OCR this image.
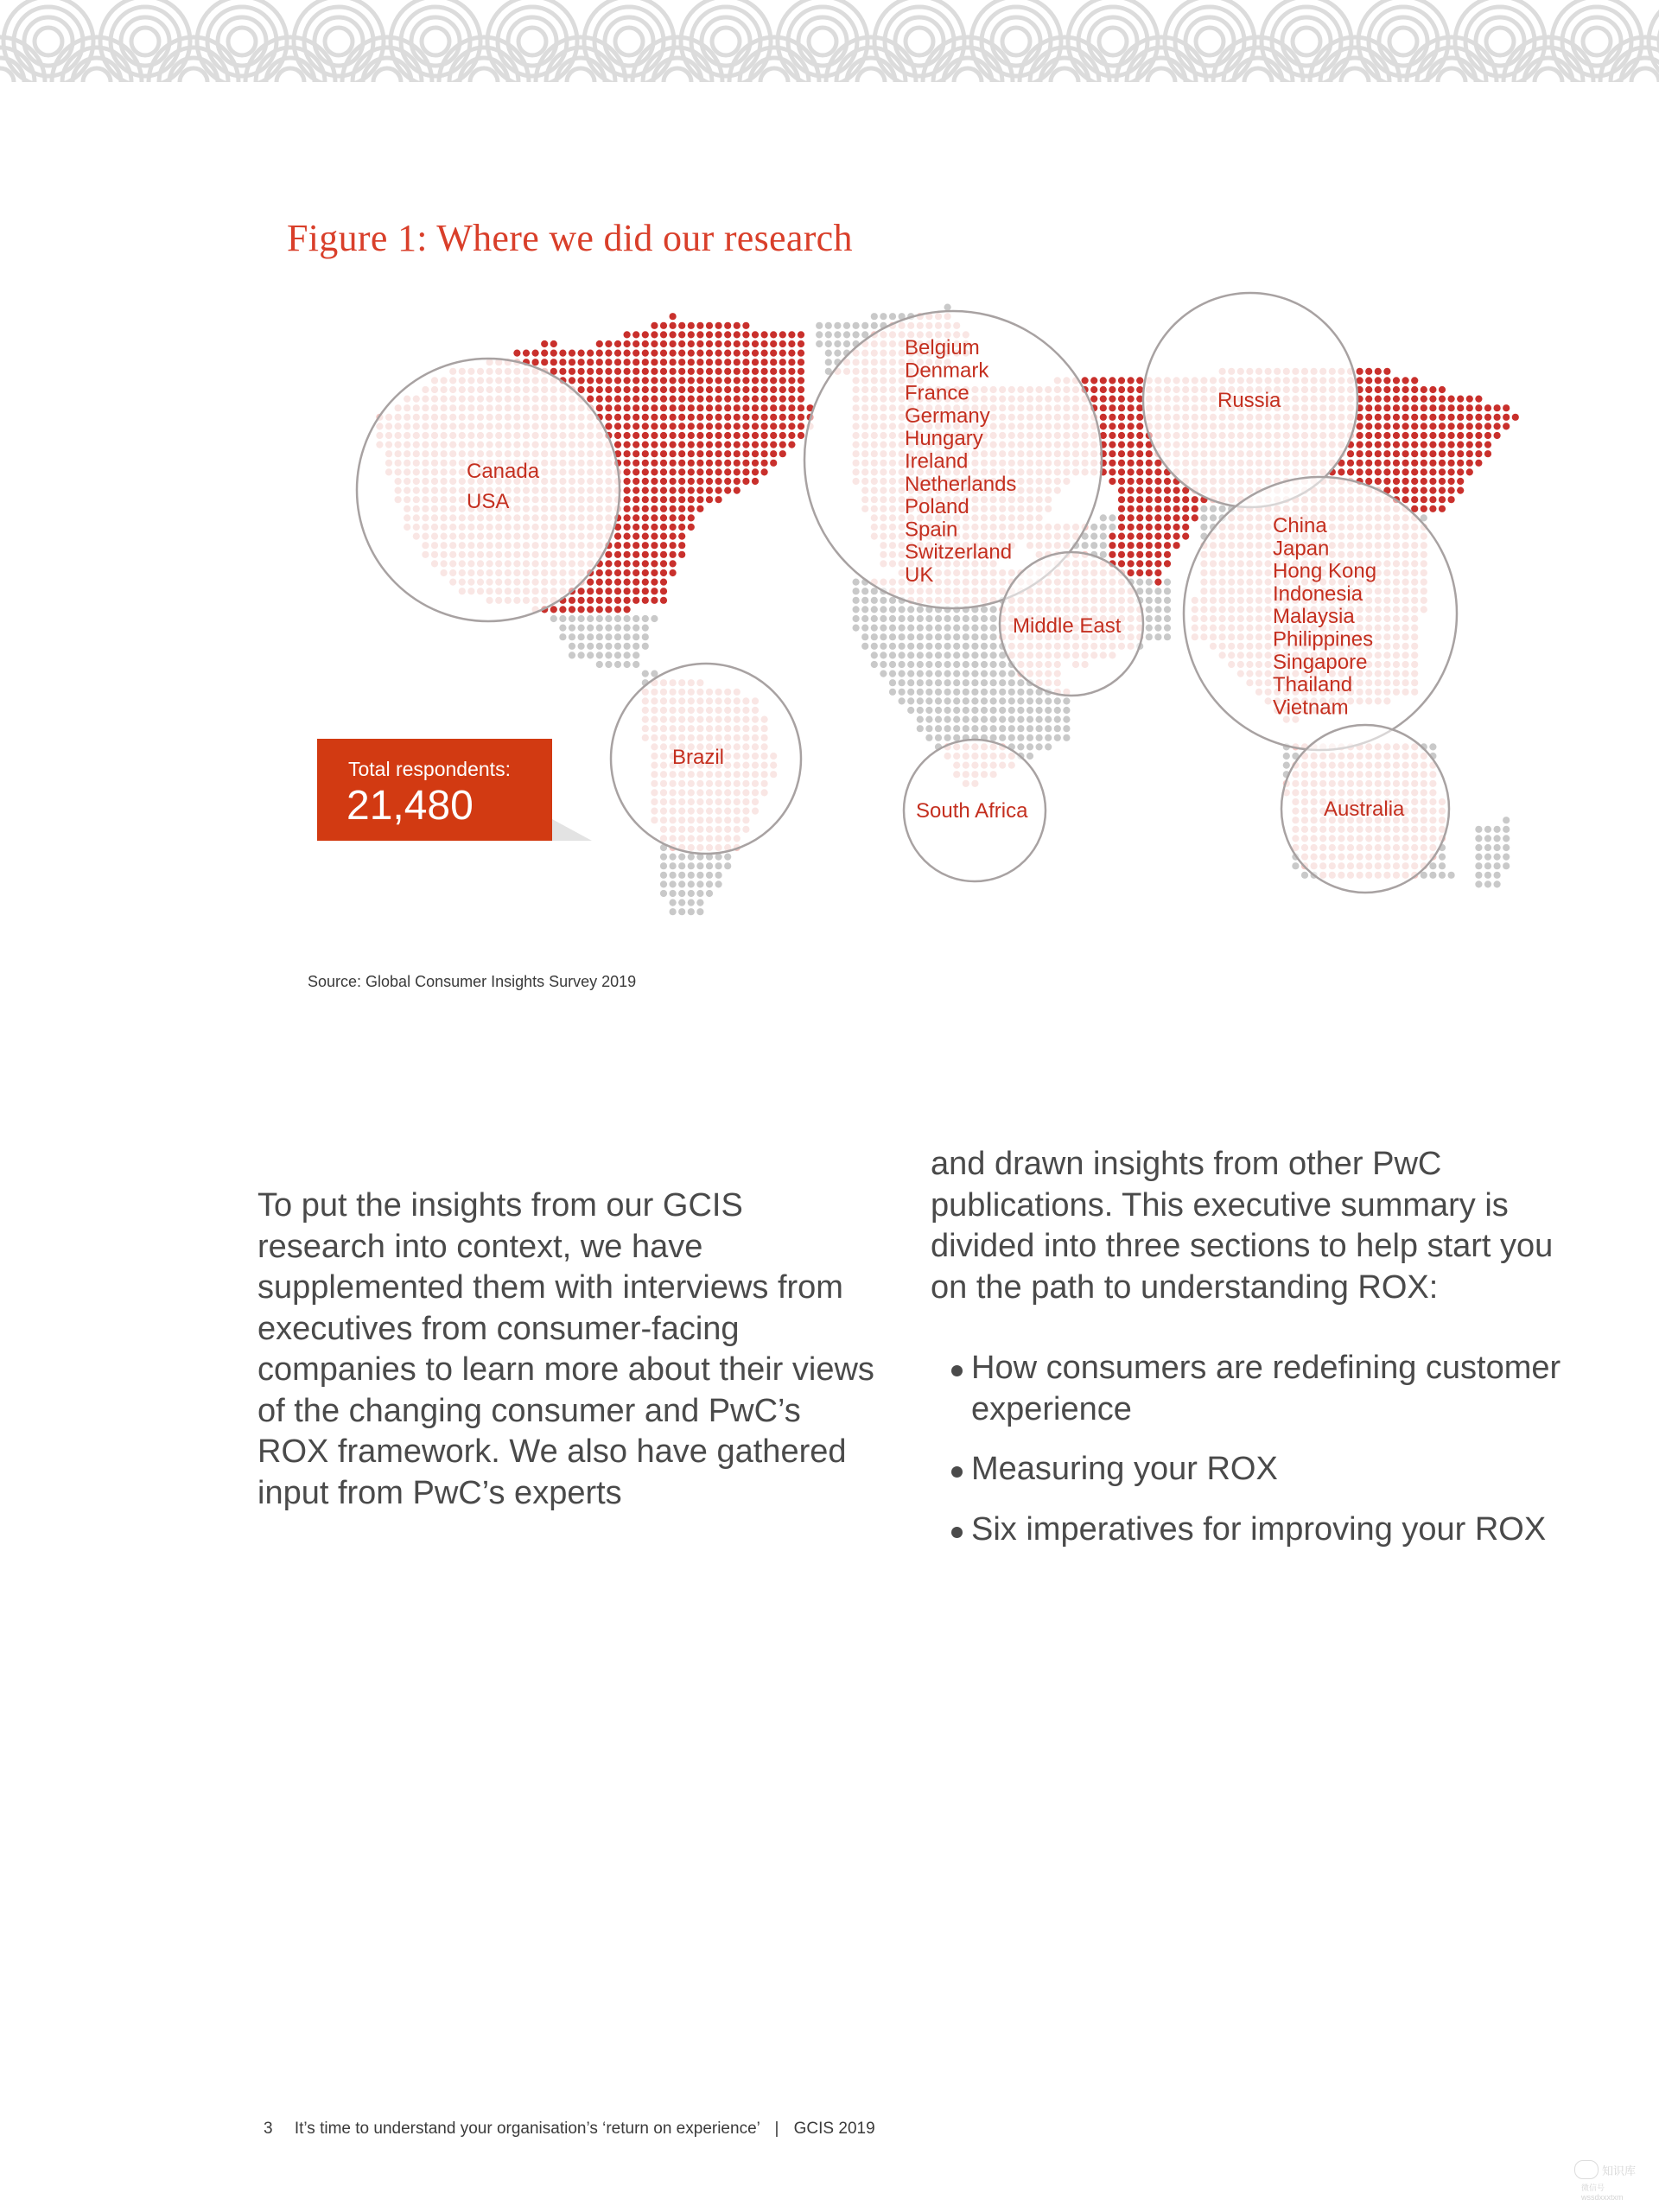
Figure 1: Where we did our research
Canada USA
Belgium Denmark France Germany Hungary Ireland Netherlands Poland Spain Switzerland UK
Russia
Middle East
China Japan Hong Kong Indonesia Malaysia Philippines Singapore Thailand Vietnam
Brazil
South Africa	Australia
Total respondents:
21,480
Source: Global Consumer Insights Survey 2019

To put the insights from our GCIS research into context, we have supplemented them with interviews from executives from consumer-facing companies to learn more about their views of the changing consumer and PwC’s ROX framework. We also have gathered input from PwC’s experts

and drawn insights from other PwC publications. This executive summary is divided into three sections to help start you on the path to understanding ROX:

How consumers are redefining customer experience
Measuring your ROX
Six imperatives for improving your ROX
3 It’s time to understand your organisation’s ‘return on experience’ | GCIS 2019
知识库
微信号 wssdxxxtxm
